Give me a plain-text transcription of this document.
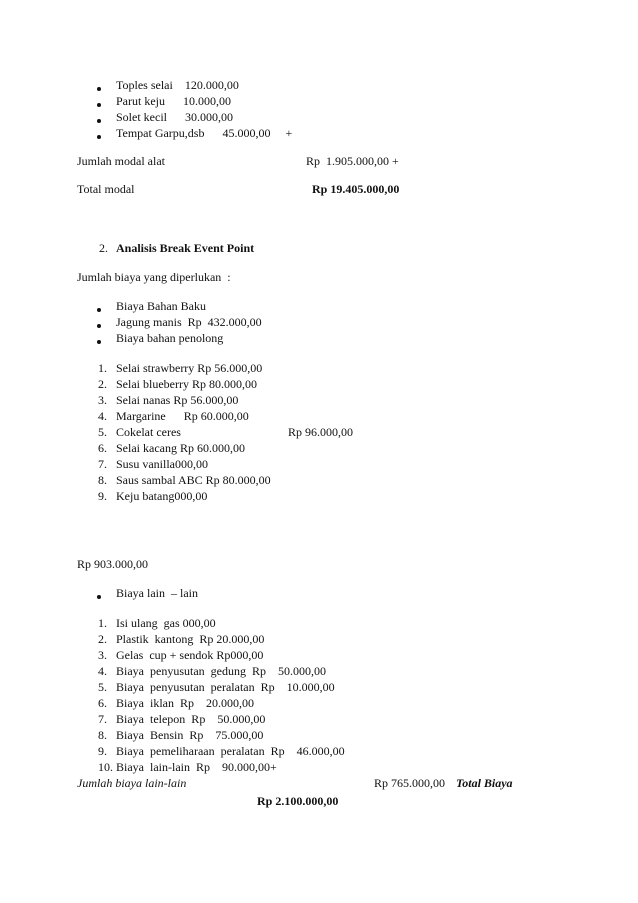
Toples selai    120.000,00
Parut keju      10.000,00
Solet kecil      30.000,00
Tempat Garpu,dsb      45.000,00     +
Jumlah modal alat	Rp  1.905.000,00 +
Total modal	Rp 19.405.000,00
2. Analisis Break Event Point
Jumlah biaya yang diperlukan  :
Biaya Bahan Baku
Jagung manis  Rp  432.000,00
Biaya bahan penolong
1. Selai strawberry Rp 56.000,00
2. Selai blueberry Rp 80.000,00
3. Selai nanas Rp 56.000,00
4. Margarine      Rp 60.000,00
5. Cokelat ceres	Rp 96.000,00
6. Selai kacang Rp 60.000,00
7. Susu vanilla000,00
8. Saus sambal ABC Rp 80.000,00
9. Keju batang000,00
Rp 903.000,00
Biaya lain  – lain
1. Isi ulang  gas 000,00
2. Plastik  kantong  Rp 20.000,00
3. Gelas  cup + sendok Rp000,00
4. Biaya  penyusutan  gedung  Rp    50.000,00
5. Biaya  penyusutan  peralatan  Rp    10.000,00
6. Biaya  iklan  Rp    20.000,00
7. Biaya  telepon  Rp    50.000,00
8. Biaya  Bensin  Rp    75.000,00
9. Biaya  pemeliharaan  peralatan  Rp    46.000,00
10. Biaya  lain-lain  Rp    90.000,00+
Jumlah biaya lain-lain	Rp 765.000,00 Total Biaya
Rp 2.100.000,00
